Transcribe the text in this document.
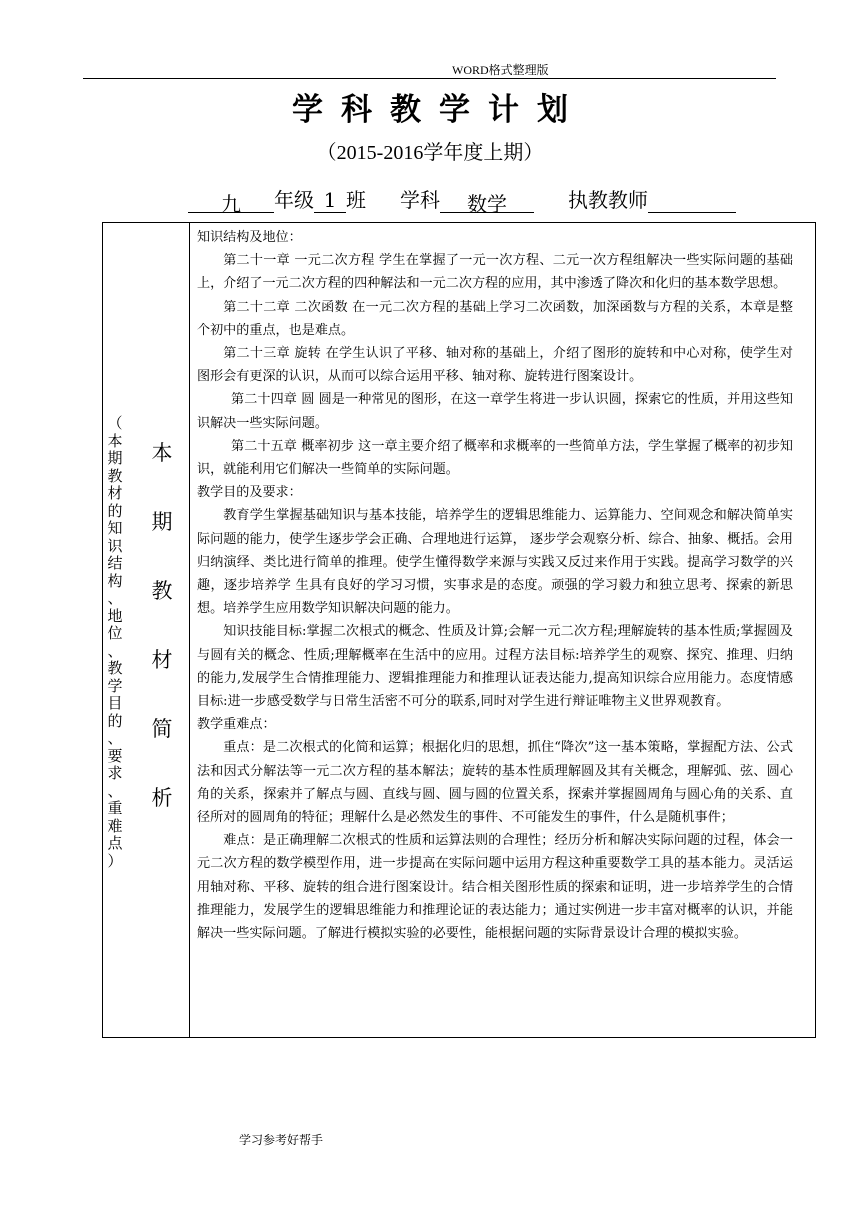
WORD格式整理版
学科教学计划
（2015-2016学年度上期）
九 年级 1 班 学科 数学	执教教师
（
本
期
教
材
的
知
识
结
构
、
地
位
、
教
学
目
的
、
要
求
、
重
难
点
）
本
期
教
材
简
析

知识结构及地位：

第二十一章 一元二次方程 学生在掌握了一元一次方程、二元一次方程组解决一些实际问题的基础上，介绍了一元二次方程的四种解法和一元二次方程的应用，其中渗透了降次和化归的基本数学思想。

第二十二章 二次函数 在一元二次方程的基础上学习二次函数，加深函数与方程的关系，本章是整个初中的重点，也是难点。

第二十三章 旋转 在学生认识了平移、轴对称的基础上，介绍了图形的旋转和中心对称，使学生对图形会有更深的认识，从而可以综合运用平移、轴对称、旋转进行图案设计。

第二十四章 圆 圆是一种常见的图形，在这一章学生将进一步认识圆，探索它的性质，并用这些知识解决一些实际问题。

第二十五章 概率初步 这一章主要介绍了概率和求概率的一些简单方法，学生掌握了概率的初步知识，就能利用它们解决一些简单的实际问题。

教学目的及要求：

教育学生掌握基础知识与基本技能，培养学生的逻辑思维能力、运算能力、空间观念和解决简单实际问题的能力，使学生逐步学会正确、合理地进行运算， 逐步学会观察分析、综合、抽象、概括。会用归纳演绎、类比进行简单的推理。使学生懂得数学来源与实践又反过来作用于实践。提高学习数学的兴趣，逐步培养学 生具有良好的学习习惯，实事求是的态度。顽强的学习毅力和独立思考、探索的新思想。培养学生应用数学知识解决问题的能力。

知识技能目标:掌握二次根式的概念、性质及计算;会解一元二次方程;理解旋转的基本性质;掌握圆及与圆有关的概念、性质;理解概率在生活中的应用。过程方法目标:培养学生的观察、探究、推理、归纳的能力,发展学生合情推理能力、逻辑推理能力和推理认证表达能力,提高知识综合应用能力。态度情感目标:进一步感受数学与日常生活密不可分的联系,同时对学生进行辩证唯物主义世界观教育。

教学重难点：

重点：是二次根式的化简和运算；根据化归的思想，抓住“降次”这一基本策略，掌握配方法、公式法和因式分解法等一元二次方程的基本解法；旋转的基本性质理解圆及其有关概念，理解弧、弦、圆心角的关系，探索并了解点与圆、直线与圆、圆与圆的位置关系，探索并掌握圆周角与圆心角的关系、直径所对的圆周角的特征；理解什么是必然发生的事件、不可能发生的事件，什么是随机事件；

难点：是正确理解二次根式的性质和运算法则的合理性；经历分析和解决实际问题的过程，体会一元二次方程的数学模型作用，进一步提高在实际问题中运用方程这种重要数学工具的基本能力。灵活运用轴对称、平移、旋转的组合进行图案设计。结合相关图形性质的探索和证明，进一步培养学生的合情推理能力，发展学生的逻辑思维能力和推理论证的表达能力；通过实例进一步丰富对概率的认识，并能解决一些实际问题。了解进行模拟实验的必要性，能根据问题的实际背景设计合理的模拟实验。

学习参考好帮手
